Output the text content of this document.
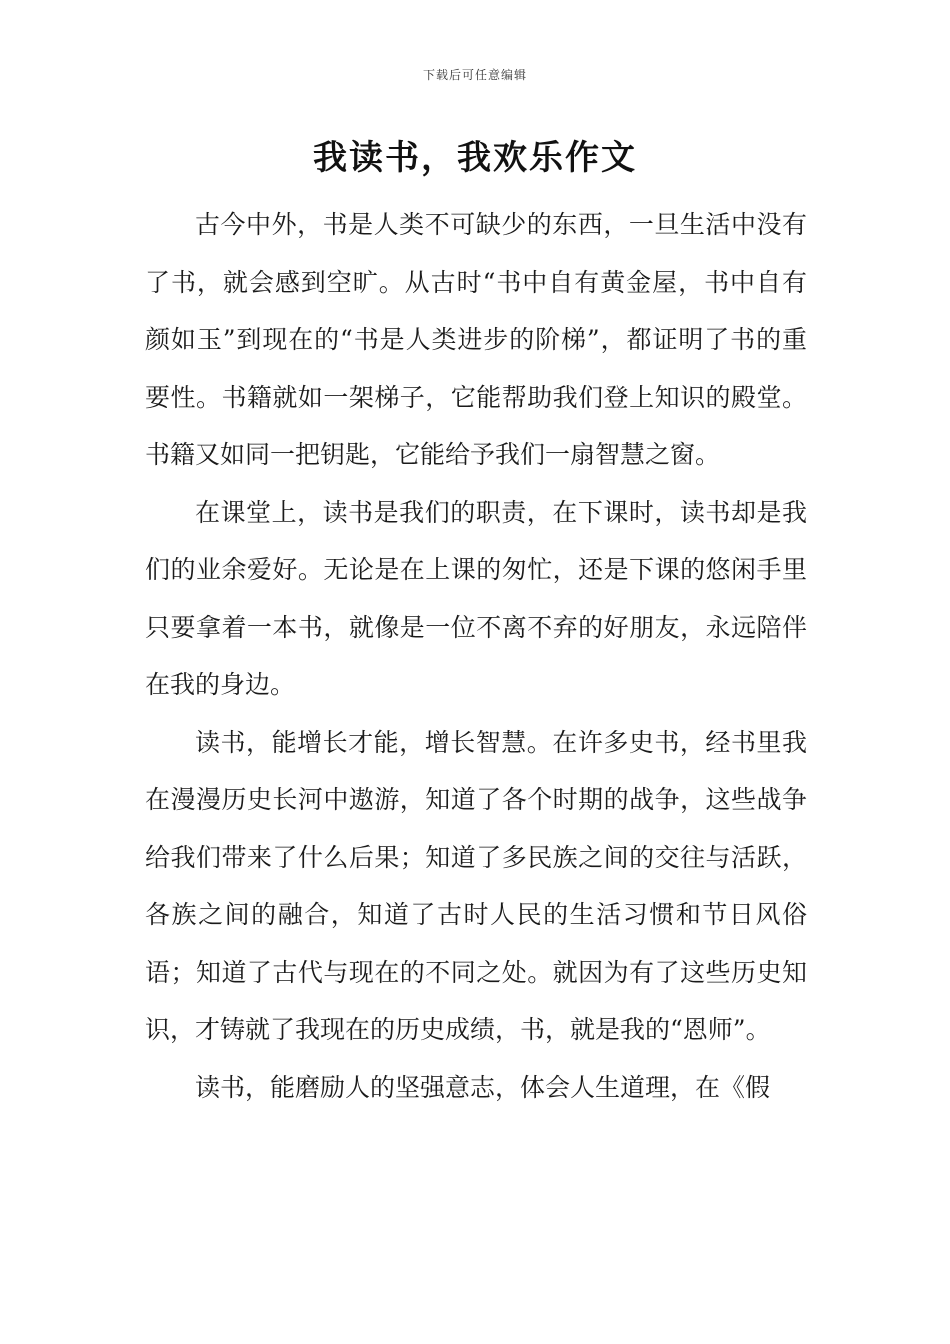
下载后可任意编辑
我读书，我欢乐作文

古今中外，书是人类不可缺少的东西，一旦生活中没有了书，就会感到空旷。从古时“书中自有黄金屋，书中自有颜如玉”到现在的“书是人类进步的阶梯”，都证明了书的重要性。书籍就如一架梯子，它能帮助我们登上知识的殿堂。书籍又如同一把钥匙，它能给予我们一扇智慧之窗。

在课堂上，读书是我们的职责，在下课时，读书却是我们的业余爱好。无论是在上课的匆忙，还是下课的悠闲手里只要拿着一本书，就像是一位不离不弃的好朋友，永远陪伴在我的身边。

读书，能增长才能，增长智慧。在许多史书，经书里我在漫漫历史长河中遨游，知道了各个时期的战争，这些战争给我们带来了什么后果；知道了多民族之间的交往与活跃，各族之间的融合，知道了古时人民的生活习惯和节日风俗语；知道了古代与现在的不同之处。就因为有了这些历史知识，才铸就了我现在的历史成绩，书，就是我的“恩师”。

读书，能磨励人的坚强意志，体会人生道理，在《假
